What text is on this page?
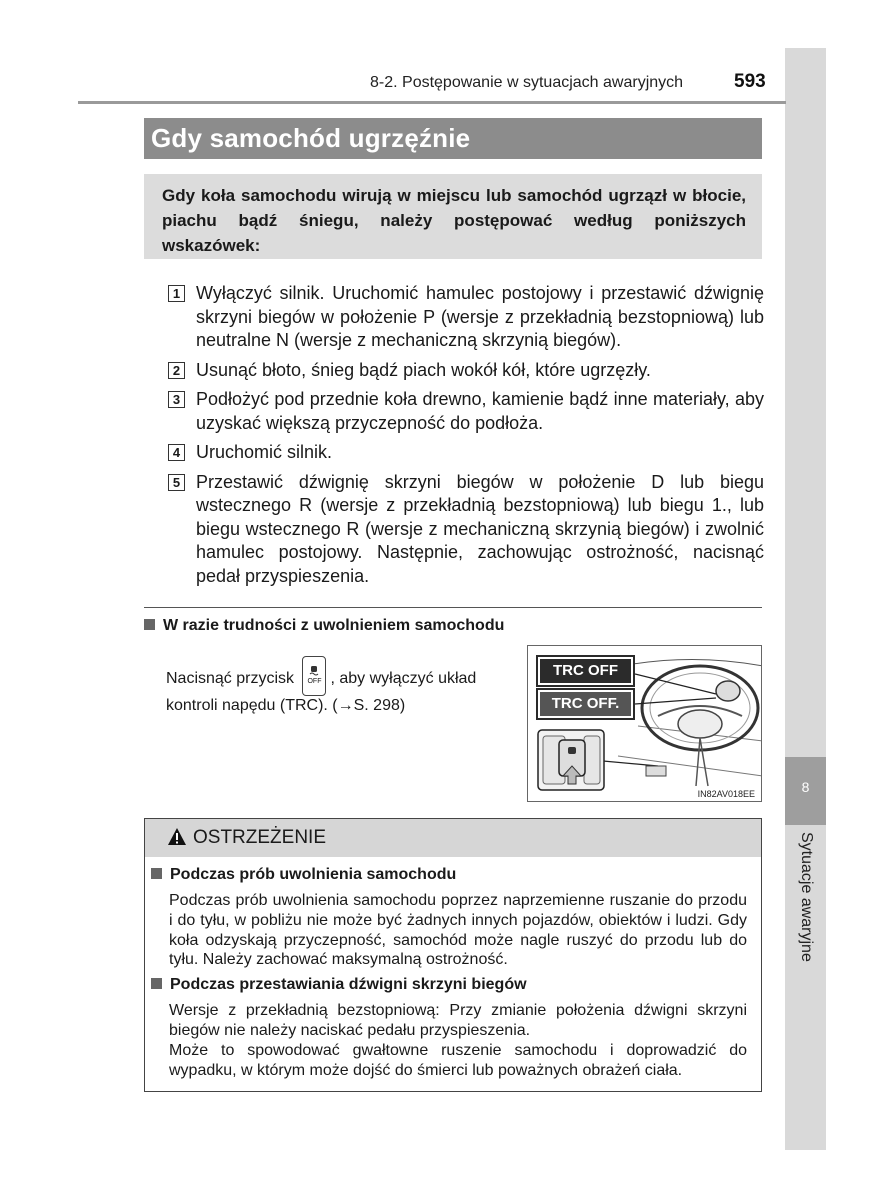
8
Sytuacje awaryjne
8-2. Postępowanie w sytuacjach awaryjnych	593
Gdy samochód ugrzęźnie

Gdy koła samochodu wirują w miejscu lub samochód ugrzązł w błocie, piachu bądź śniegu, należy postępować według poniższych wskazówek:

1 Wyłączyć silnik. Uruchomić hamulec postojowy i przestawić dźwignię skrzyni biegów w położenie P (wersje z przekładnią bezstopniową) lub neutralne N (wersje z mechaniczną skrzynią biegów).
2 Usunąć błoto, śnieg bądź piach wokół kół, które ugrzęzły.
3 Podłożyć pod przednie koła drewno, kamienie bądź inne materiały, aby uzyskać większą przyczepność do podłoża.
4 Uruchomić silnik.
5 Przestawić dźwignię skrzyni biegów w położenie D lub biegu wstecznego R (wersje z przekładnią bezstopniową) lub biegu 1., lub biegu wstecznego R (wersje z mechaniczną skrzynią biegów) i zwolnić hamulec postojowy. Następnie, zachowując ostrożność, nacisnąć pedał przyspieszenia.
W razie trudności z uwolnieniem samochodu
Nacisnąć przycisk OFF , aby wyłączyć układ
kontroli napędu (TRC). (→S. 298)
TRC OFF
TRC OFF.
IN82AV018EE
OSTRZEŻENIE
Podczas prób uwolnienia samochodu

Podczas prób uwolnienia samochodu poprzez naprzemienne ruszanie do przodu i do tyłu, w pobliżu nie może być żadnych innych pojazdów, obiektów i ludzi. Gdy koła odzyskają przyczepność, samochód może nagle ruszyć do przodu lub do tyłu. Należy zachować maksymalną ostrożność.

Podczas przestawiania dźwigni skrzyni biegów

Wersje z przekładnią bezstopniową: Przy zmianie położenia dźwigni skrzyni biegów nie należy naciskać pedału przyspieszenia.

Może to spowodować gwałtowne ruszenie samochodu i doprowadzić do wypadku, w którym może dojść do śmierci lub poważnych obrażeń ciała.
